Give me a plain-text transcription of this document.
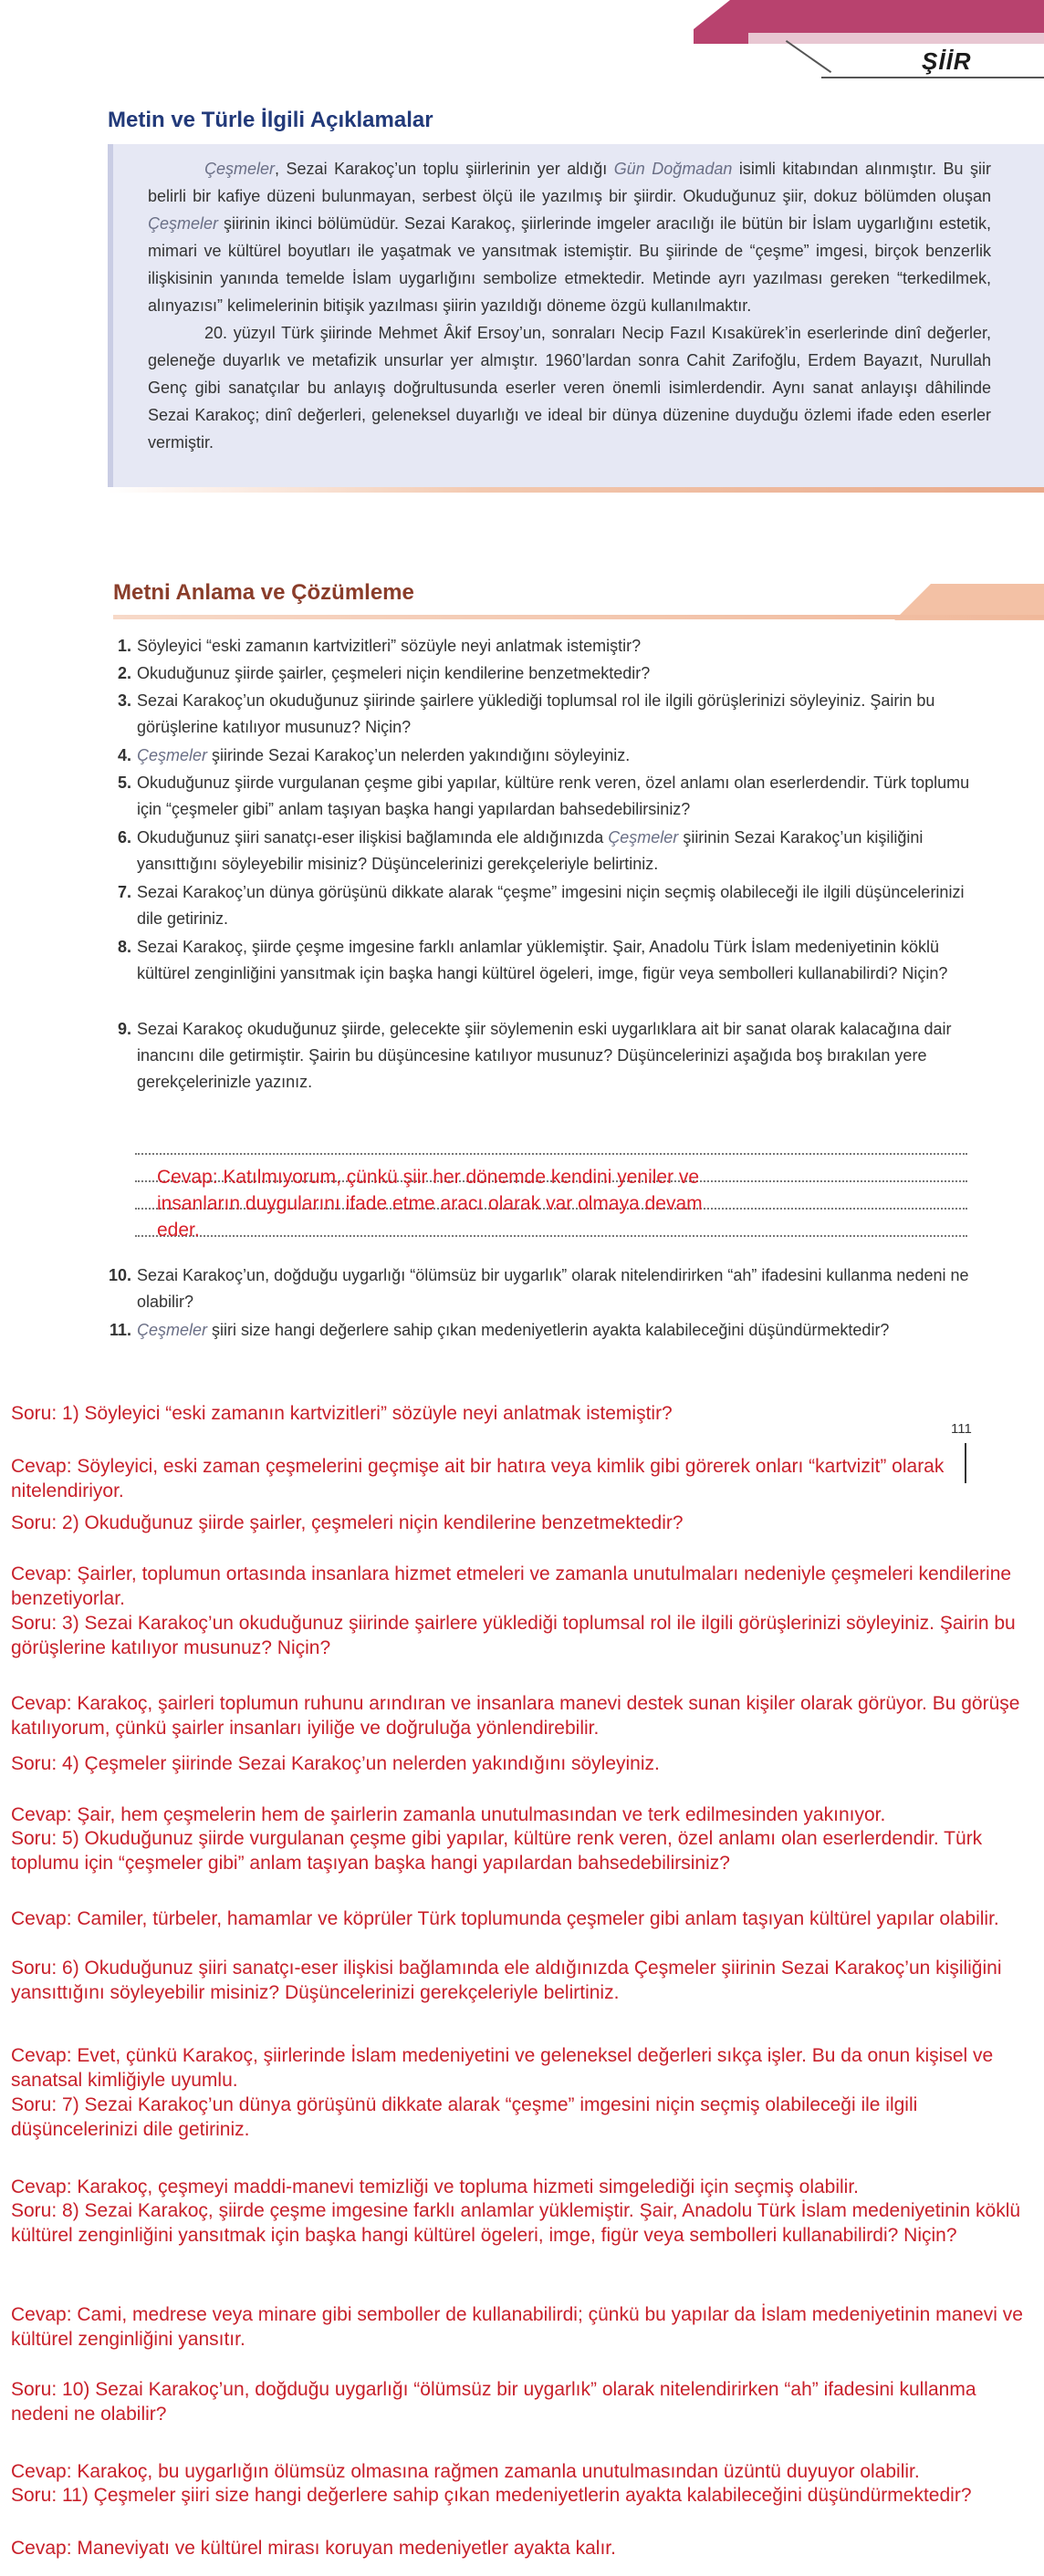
ŞİİR
Metin ve Türle İlgili Açıklamalar

Çeşmeler, Sezai Karakoç’un toplu şiirlerinin yer aldığı Gün Doğmadan isimli kitabından alınmıştır. Bu şiir belirli bir kafiye düzeni bulunmayan, serbest ölçü ile yazılmış bir şiirdir. Okuduğunuz şiir, dokuz bölümden oluşan Çeşmeler şiirinin ikinci bölümüdür. Sezai Karakoç, şiirlerinde imgeler aracılığı ile bütün bir İslam uygarlığını estetik, mimari ve kültürel boyutları ile yaşatmak ve yansıtmak istemiştir. Bu şiirinde de “çeşme” imgesi, birçok benzerlik ilişkisinin yanında temelde İslam uygarlığını sembolize etmektedir. Metinde ayrı yazılması gereken “terkedilmek, alınyazısı” kelimelerinin bitişik yazılması şiirin yazıldığı döneme özgü kullanılmaktır.

20. yüzyıl Türk şiirinde Mehmet Âkif Ersoy’un, sonraları Necip Fazıl Kısakürek’in eserlerinde dinî değerler, geleneğe duyarlık ve metafizik unsurlar yer almıştır. 1960’lardan sonra Cahit Zarifoğlu, Erdem Bayazıt, Nurullah Genç gibi sanatçılar bu anlayış doğrultusunda eserler veren önemli isimlerdendir. Aynı sanat anlayışı dâhilinde Sezai Karakoç; dinî değerleri, geleneksel duyarlığı ve ideal bir dünya düzenine duyduğu özlemi ifade eden eserler vermiştir.

Metni Anlama ve Çözümleme
1. Söyleyici “eski zamanın kartvizitleri” sözüyle neyi anlatmak istemiştir?
2. Okuduğunuz şiirde şairler, çeşmeleri niçin kendilerine benzetmektedir?
3. Sezai Karakoç’un okuduğunuz şiirinde şairlere yüklediği toplumsal rol ile ilgili görüşlerinizi söyleyiniz. Şairin bu görüşlerine katılıyor musunuz? Niçin?
4. Çeşmeler şiirinde Sezai Karakoç’un nelerden yakındığını söyleyiniz.
5. Okuduğunuz şiirde vurgulanan çeşme gibi yapılar, kültüre renk veren, özel anlamı olan eserlerdendir. Türk toplumu için “çeşmeler gibi” anlam taşıyan başka hangi yapılardan bahsedebilirsiniz?
6. Okuduğunuz şiiri sanatçı-eser ilişkisi bağlamında ele aldığınızda Çeşmeler şiirinin Sezai Karakoç’un kişiliğini yansıttığını söyleyebilir misiniz? Düşüncelerinizi gerekçeleriyle belirtiniz.
7. Sezai Karakoç’un dünya görüşünü dikkate alarak “çeşme” imgesini niçin seçmiş olabileceği ile ilgili düşüncelerinizi dile getiriniz.
8. Sezai Karakoç, şiirde çeşme imgesine farklı anlamlar yüklemiştir. Şair, Anadolu Türk İslam medeniyetinin köklü kültürel zenginliğini yansıtmak için başka hangi kültürel ögeleri, imge, figür veya sembolleri kullanabilirdi? Niçin?
9. Sezai Karakoç okuduğunuz şiirde, gelecekte şiir söylemenin eski uygarlıklara ait bir sanat olarak kalacağına dair inancını dile getirmiştir. Şairin bu düşüncesine katılıyor musunuz? Düşüncelerinizi aşağıda boş bırakılan yere gerekçelerinizle yazınız.
Cevap: Katılmıyorum, çünkü şiir her dönemde kendini yeniler ve
insanların duygularını ifade etme aracı olarak var olmaya devam
eder.
10. Sezai Karakoç’un, doğduğu uygarlığı “ölümsüz bir uygarlık” olarak nitelendirirken “ah” ifadesini kullanma nedeni ne olabilir?
11. Çeşmeler şiiri size hangi değerlere sahip çıkan medeniyetlerin ayakta kalabileceğini düşündürmektedir?
111
Soru: 1) Söyleyici “eski zamanın kartvizitleri” sözüyle neyi anlatmak istemiştir?
Cevap: Söyleyici, eski zaman çeşmelerini geçmişe ait bir hatıra veya kimlik gibi görerek onları “kartvizit” olarak nitelendiriyor.
Soru: 2) Okuduğunuz şiirde şairler, çeşmeleri niçin kendilerine benzetmektedir?
Cevap: Şairler, toplumun ortasında insanlara hizmet etmeleri ve zamanla unutulmaları nedeniyle çeşmeleri kendilerine benzetiyorlar.
Soru: 3) Sezai Karakoç’un okuduğunuz şiirinde şairlere yüklediği toplumsal rol ile ilgili görüşlerinizi söyleyiniz. Şairin bu görüşlerine katılıyor musunuz? Niçin?
Cevap: Karakoç, şairleri toplumun ruhunu arındıran ve insanlara manevi destek sunan kişiler olarak görüyor. Bu görüşe katılıyorum, çünkü şairler insanları iyiliğe ve doğruluğa yönlendirebilir.
Soru: 4) Çeşmeler şiirinde Sezai Karakoç’un nelerden yakındığını söyleyiniz.
Cevap: Şair, hem çeşmelerin hem de şairlerin zamanla unutulmasından ve terk edilmesinden yakınıyor.
Soru: 5) Okuduğunuz şiirde vurgulanan çeşme gibi yapılar, kültüre renk veren, özel anlamı olan eserlerdendir. Türk toplumu için “çeşmeler gibi” anlam taşıyan başka hangi yapılardan bahsedebilirsiniz?
Cevap: Camiler, türbeler, hamamlar ve köprüler Türk toplumunda çeşmeler gibi anlam taşıyan kültürel yapılar olabilir.
Soru: 6) Okuduğunuz şiiri sanatçı-eser ilişkisi bağlamında ele aldığınızda Çeşmeler şiirinin Sezai Karakoç’un kişiliğini yansıttığını söyleyebilir misiniz? Düşüncelerinizi gerekçeleriyle belirtiniz.
Cevap: Evet, çünkü Karakoç, şiirlerinde İslam medeniyetini ve geleneksel değerleri sıkça işler. Bu da onun kişisel ve sanatsal kimliğiyle uyumlu.
Soru: 7) Sezai Karakoç’un dünya görüşünü dikkate alarak “çeşme” imgesini niçin seçmiş olabileceği ile ilgili düşüncelerinizi dile getiriniz.
Cevap: Karakoç, çeşmeyi maddi-manevi temizliği ve topluma hizmeti simgelediği için seçmiş olabilir.
Soru: 8) Sezai Karakoç, şiirde çeşme imgesine farklı anlamlar yüklemiştir. Şair, Anadolu Türk İslam medeniyetinin köklü kültürel zenginliğini yansıtmak için başka hangi kültürel ögeleri, imge, figür veya sembolleri kullanabilirdi? Niçin?
Cevap: Cami, medrese veya minare gibi semboller de kullanabilirdi; çünkü bu yapılar da İslam medeniyetinin manevi ve kültürel zenginliğini yansıtır.
Soru: 10) Sezai Karakoç’un, doğduğu uygarlığı “ölümsüz bir uygarlık” olarak nitelendirirken “ah” ifadesini kullanma nedeni ne olabilir?
Cevap: Karakoç, bu uygarlığın ölümsüz olmasına rağmen zamanla unutulmasından üzüntü duyuyor olabilir.
Soru: 11) Çeşmeler şiiri size hangi değerlere sahip çıkan medeniyetlerin ayakta kalabileceğini düşündürmektedir?
Cevap: Maneviyatı ve kültürel mirası koruyan medeniyetler ayakta kalır.
